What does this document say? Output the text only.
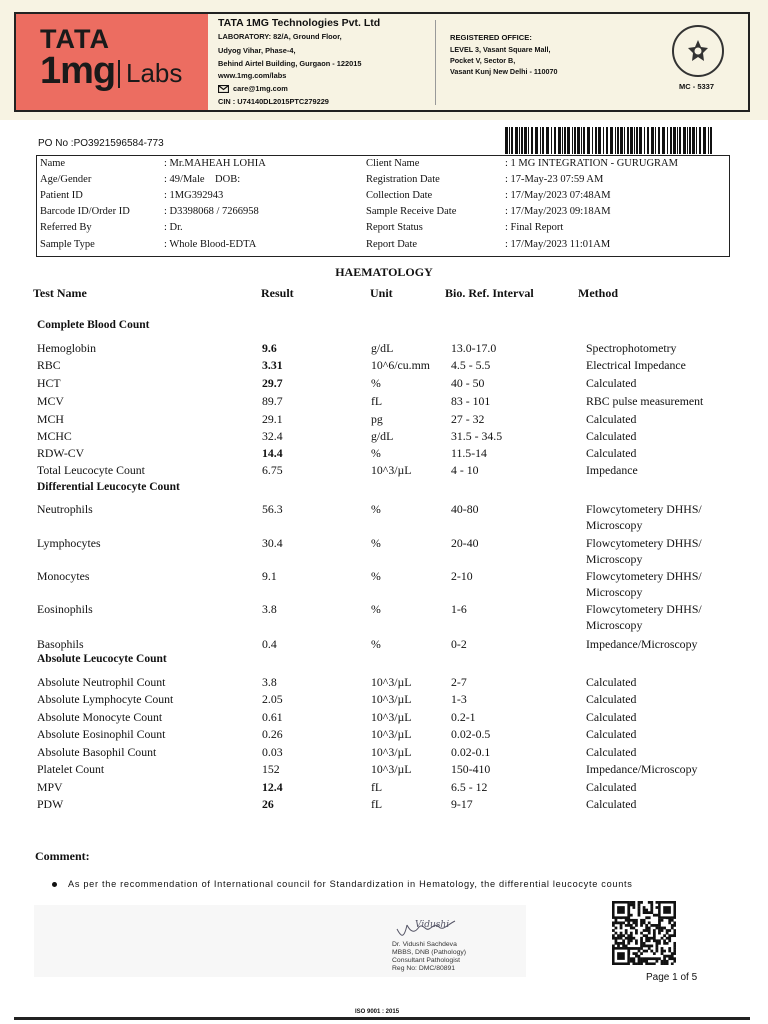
TATA
1mg Labs
TATA 1MG Technologies Pvt. Ltd
LABORATORY: 82/A, Ground Floor,
Udyog Vihar, Phase-4,
Behind Airtel Building, Gurgaon - 122015
www.1mg.com/labs
care@1mg.com
CIN : U74140DL2015PTC279229
REGISTERED OFFICE:
LEVEL 3, Vasant Square Mall,
Pocket V, Sector B,
Vasant Kunj New Delhi - 110070
MC - 5337
PO No :PO3921596584-773
Name	: Mr.MAHEAH LOHIA	Client Name	: 1 MG INTEGRATION - GURUGRAM
Age/Gender	: 49/Male    DOB:	Registration Date	: 17-May-23 07:59 AM
Patient ID	: 1MG392943	Collection Date	: 17/May/2023 07:48AM
Barcode ID/Order ID	: D3398068 / 7266958	Sample Receive Date	: 17/May/2023 09:18AM
Referred By	: Dr.	Report Status	: Final Report
Sample Type	: Whole Blood-EDTA	Report Date	: 17/May/2023 11:01AM
HAEMATOLOGY
Test Name	Result	Unit	Bio. Ref. Interval	Method
Complete Blood Count
Differential Leucocyte Count
Absolute Leucocyte Count
Hemoglobin	9.6	g/dL	13.0-17.0	Spectrophotometry
RBC	3.31	10^6/cu.mm 4.5 - 5.5	Electrical Impedance
HCT	29.7	%	40 - 50	Calculated
MCV	89.7	fL	83 - 101	RBC pulse measurement
MCH	29.1	pg	27 - 32	Calculated
MCHC	32.4	g/dL	31.5 - 34.5	Calculated
RDW-CV	14.4	%	11.5-14	Calculated
Total Leucocyte Count	6.75	10^3/µL	4 - 10	Impedance
Neutrophils	56.3	%	40-80	Flowcytometery DHHS/
Microscopy
Lymphocytes	30.4	%	20-40	Flowcytometery DHHS/
Microscopy
Monocytes	9.1	%	2-10	Flowcytometery DHHS/
Microscopy
Eosinophils	3.8	%	1-6	Flowcytometery DHHS/
Microscopy
Basophils	0.4	%	0-2	Impedance/Microscopy
Absolute Neutrophil Count	3.8	10^3/µL	2-7	Calculated
Absolute Lymphocyte Count	2.05	10^3/µL	1-3	Calculated
Absolute Monocyte Count	0.61	10^3/µL	0.2-1	Calculated
Absolute Eosinophil Count	0.26	10^3/µL	0.02-0.5	Calculated
Absolute Basophil Count	0.03	10^3/µL	0.02-0.1	Calculated
Platelet Count	152	10^3/µL	150-410	Impedance/Microscopy
MPV	12.4	fL	6.5 - 12	Calculated
PDW	26	fL	9-17	Calculated
Comment:
As per the recommendation of International council for Standardization in Hematology, the differential leucocyte counts
Vidushi
Dr. Vidushi Sachdeva
MBBS, DNB (Pathology)
Consultant Pathologist
Reg No: DMC/80891
Page 1 of 5
ISO 9001 : 2015
